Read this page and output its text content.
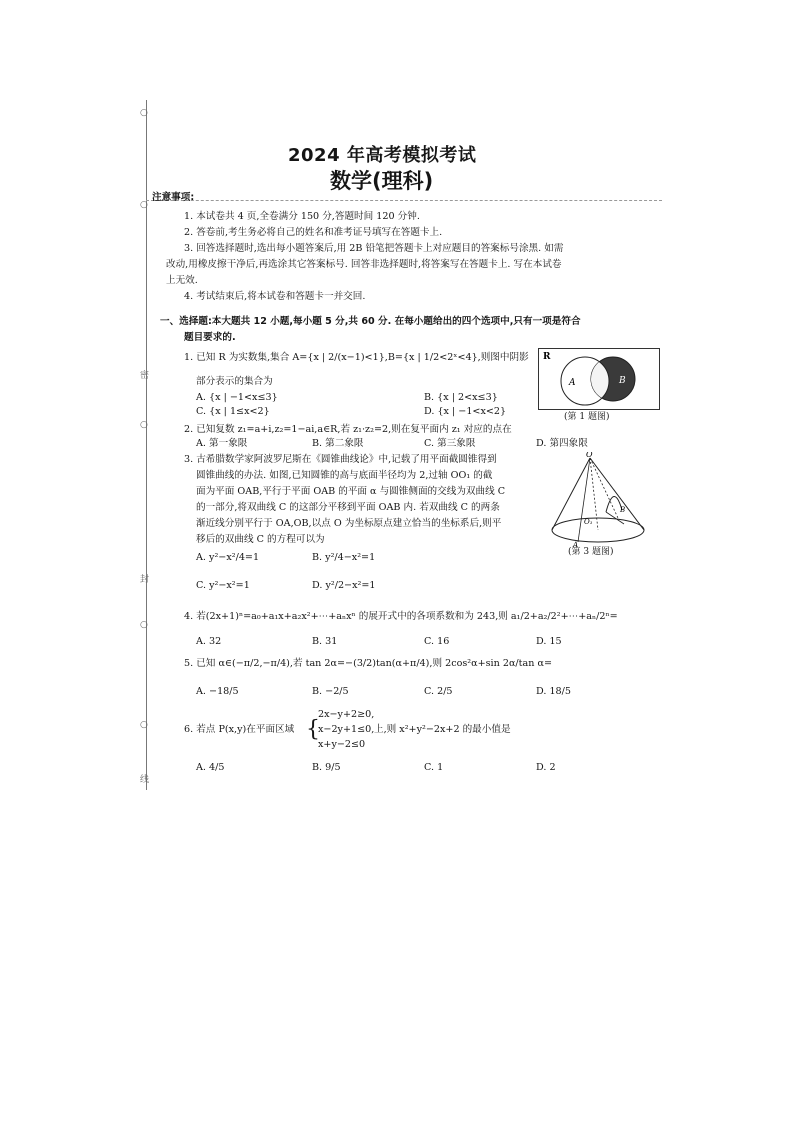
○
○
密
○
封
○
○
线
2024 年高考模拟考试
数学(理科)
注意事项:
1. 本试卷共 4 页,全卷满分 150 分,答题时间 120 分钟.
2. 答卷前,考生务必将自己的姓名和准考证号填写在答题卡上.
3. 回答选择题时,选出每小题答案后,用 2B 铅笔把答题卡上对应题目的答案标号涂黑. 如需
改动,用橡皮擦干净后,再选涂其它答案标号. 回答非选择题时,将答案写在答题卡上. 写在本试卷
上无效.
4. 考试结束后,将本试卷和答题卡一并交回.
一、选择题:本大题共 12 小题,每小题 5 分,共 60 分. 在每小题给出的四个选项中,只有一项是符合
题目要求的.
1. 已知 R 为实数集,集合 A={x | 2/(x−1)<1},B={x | 1/2<2ˣ<4},则图中阴影
部分表示的集合为
A. {x | −1<x≤3}	B. {x | 2<x≤3}
C. {x | 1≤x<2}	D. {x | −1<x<2}
R
A	B
(第 1 题图)
2. 已知复数 z₁=a+i,z₂=1−ai,a∈R,若 z₁·z₂=2,则在复平面内 z₁ 对应的点在
A. 第一象限	B. 第二象限	C. 第三象限	D. 第四象限
3. 古希腊数学家阿波罗尼斯在《圆锥曲线论》中,记载了用平面截圆锥得到
圆锥曲线的办法. 如图,已知圆锥的高与底面半径均为 2,过轴 OO₁ 的截
面为平面 OAB,平行于平面 OAB 的平面 α 与圆锥侧面的交线为双曲线 C
的一部分,将双曲线 C 的这部分平移到平面 OAB 内. 若双曲线 C 的两条
渐近线分别平行于 OA,OB,以点 O 为坐标原点建立恰当的坐标系后,则平
移后的双曲线 C 的方程可以为
A. y²−x²/4=1	B. y²/4−x²=1
C. y²−x²=1	D. y²/2−x²=1
O
O₁
A
B
(第 3 题图)
4. 若(2x+1)ⁿ=a₀+a₁x+a₂x²+⋯+aₙxⁿ 的展开式中的各项系数和为 243,则 a₁/2+a₂/2²+⋯+aₙ/2ⁿ=
A. 32	B. 31	C. 16	D. 15
5. 已知 α∈(−π/2,−π/4),若 tan 2α=−(3/2)tan(α+π/4),则 2cos²α+sin 2α/tan α=
A. −18/5	B. −2/5	C. 2/5	D. 18/5
6. 若点 P(x,y)在平面区域 {
2x−y+2≥0,
x−2y+1≤0,
x+y−2≤0
上,则 x²+y²−2x+2 的最小值是
A. 4/5	B. 9/5	C. 1	D. 2
